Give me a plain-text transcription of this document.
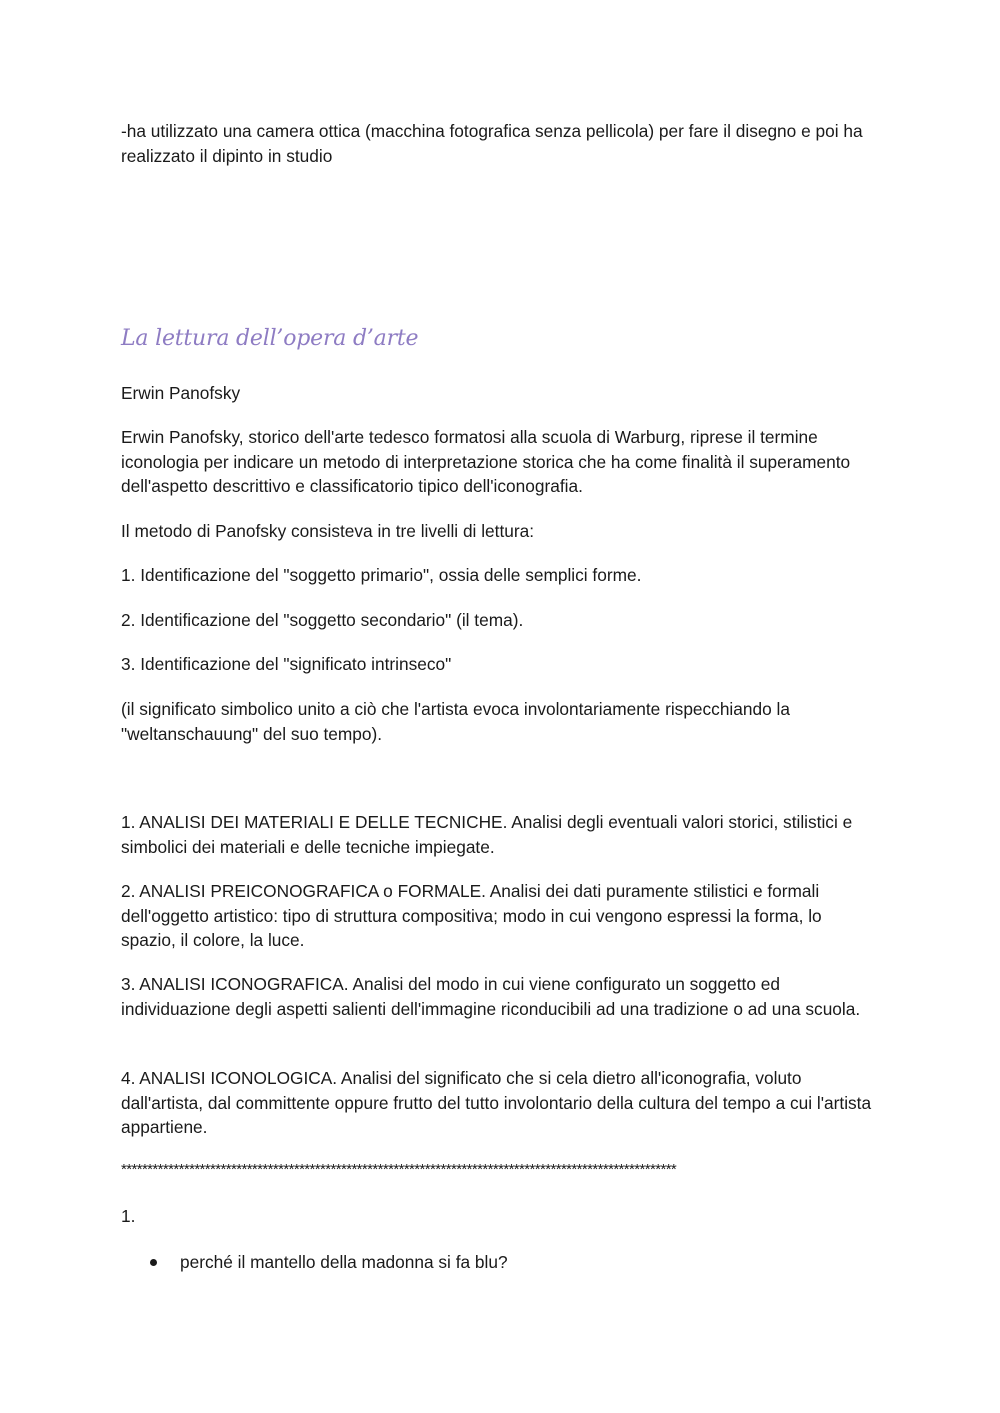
-ha utilizzato una camera ottica (macchina fotografica senza pellicola) per fare il disegno e poi ha realizzato il dipinto in studio

La lettura dell’opera d’arte

Erwin Panofsky

Erwin Panofsky, storico dell'arte tedesco formatosi alla scuola di Warburg, riprese il termine iconologia per indicare un metodo di interpretazione storica che ha come finalità il superamento dell'aspetto descrittivo e classificatorio tipico dell'iconografia.

Il metodo di Panofsky consisteva in tre livelli di lettura:

1. Identificazione del "soggetto primario", ossia delle semplici forme.

2. Identificazione del "soggetto secondario" (il tema).

3. Identificazione del "significato intrinseco"

(il significato simbolico unito a ciò che l'artista evoca involontariamente rispecchiando la "weltanschauung" del suo tempo).

1. ANALISI DEI MATERIALI E DELLE TECNICHE. Analisi degli eventuali valori storici, stilistici e simbolici dei materiali e delle tecniche impiegate.

2. ANALISI PREICONOGRAFICA o FORMALE. Analisi dei dati puramente stilistici e formali dell'oggetto artistico: tipo di struttura compositiva; modo in cui vengono espressi la forma, lo spazio, il colore, la luce.

3. ANALISI ICONOGRAFICA. Analisi del modo in cui viene configurato un soggetto ed individuazione degli aspetti salienti dell'immagine riconducibili ad una tradizione o ad una scuola.

4. ANALISI ICONOLOGICA. Analisi del significato che si cela dietro all'iconografia, voluto dall'artista, dal committente oppure frutto del tutto involontario della cultura del tempo a cui l'artista appartiene.

**********************************************************************************************************

1.

perché il mantello della madonna si fa blu?
